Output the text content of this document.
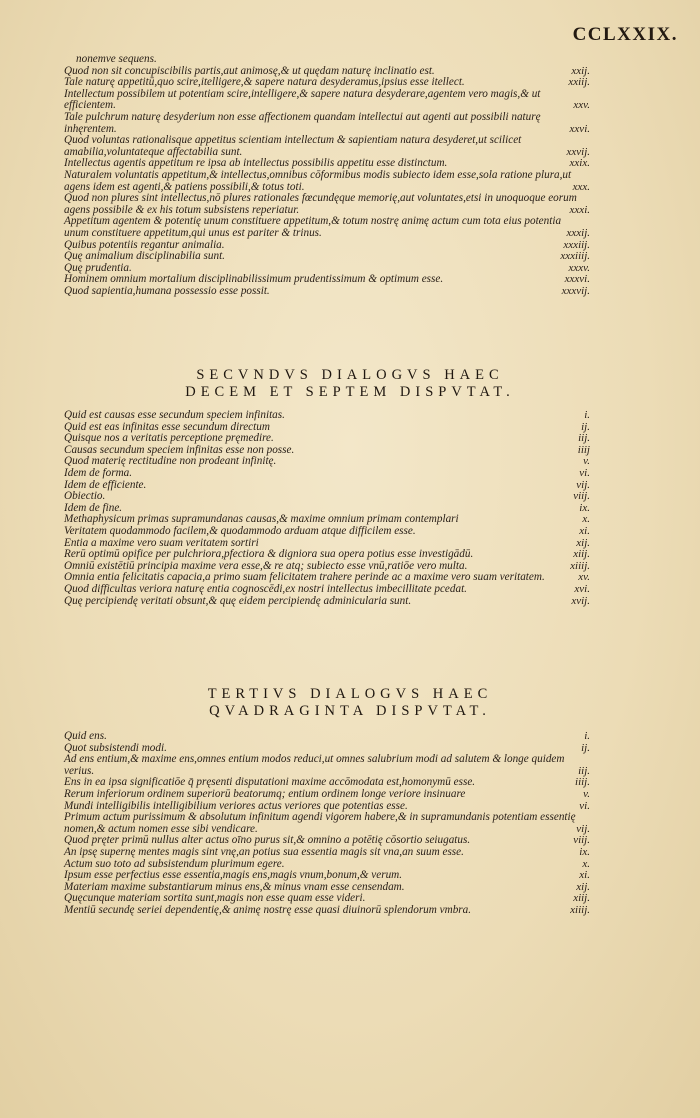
CCLXXIX.
nonemve sequens.
Quod non sit concupiscibilis partis,aut animosę,& ut quędam naturę inclinatio est.	xxij.
Tale naturę appetitū,quo scire,itelligere,& sapere natura desyderamus,ipsius esse itellect.	xxiij.
Intellectum possibilem ut potentiam scire,intelligere,& sapere natura desyderare,agentem vero magis,& ut efficientem.	xxv.
Tale pulchrum naturę desyderium non esse affectionem quandam intellectui aut agenti aut possibili naturę inhęrentem.	xxvi.
Quod voluntas rationalisque appetitus scientiam intellectum & sapientiam natura desyderet,ut scilicet amabilia,voluntateque affectabilia sunt.	xxvij.
Intellectus agentis appetitum re ipsa ab intellectus possibilis appetitu esse distinctum.	xxix.
Naturalem voluntatis appetitum,& intellectus,omnibus cōformibus modis subiecto idem esse,sola ratione plura,ut agens idem est agenti,& patiens possibili,& totus toti.	xxx.
Quod non plures sint intellectus,nō plures rationales fœcundęque memorię,aut voluntates,etsi in unoquoque eorum agens possibile & ex his totum subsistens reperiatur.	xxxi.
Appetitum agentem & potentię unum constituere appetitum,& totum nostrę animę actum cum tota eius potentia unum constituere appetitum,qui unus est pariter & trinus.	xxxij.
Quibus potentiis regantur animalia.	xxxiij.
Quę animalium disciplinabilia sunt.	xxxiiij.
Quę prudentia.	xxxv.
Hominem omnium mortalium disciplinabilissimum prudentissimum & optimum esse.	xxxvi.
Quod sapientia,humana possessio esse possit.	xxxvij.
SECVNDVS DIALOGVS HAEC
DECEM ET SEPTEM DISPVTAT.
Quid est causas esse secundum speciem infinitas.	i.
Quid est eas infinitas esse secundum directum	ij.
Quisque nos a veritatis perceptione pręmedire.	iij.
Causas secundum speciem infinitas esse non posse.	iiij
Quod materię rectitudine non prodeant infinitę.	v.
Idem de forma.	vi.
Idem de efficiente.	vij.
Obiectio.	viij.
Idem de fine.	ix.
Methaphysicum primas supramundanas causas,& maxime omnium primam contemplari	x.
Veritatem quodammodo facilem,& quodammodo arduam atque difficilem esse.	xi.
Entia a maxime vero suam veritatem sortiri	xij.
Rerū optimū opifice per pulchriora,pfectiora & digniora sua opera potius esse investigādū.	xiij.
Omniū existētiū principia maxime vera esse,& re atq; subiecto esse vnū,ratiōe vero multa.	xiiij.
Omnia entia felicitatis capacia,a primo suam felicitatem trahere perinde ac a maxime vero suam veritatem.	xv.
Quod difficultas veriora naturę entia cognoscēdi,ex nostri intellectus imbecillitate pcedat.	xvi.
Quę percipiendę veritati obsunt,& quę eidem percipiendę adminicularia sunt.	xvij.
TERTIVS DIALOGVS HAEC
QVADRAGINTA DISPVTAT.
Quid ens.	i.
Quot subsistendi modi.	ij.
Ad ens entium,& maxime ens,omnes entium modos reduci,ut omnes salubrium modi ad salutem & longe quidem verius.	iij.
Ens in ea ipsa significatiōe q̄ pręsenti disputationi maxime accōmodata est,homonymū esse.	iiij.
Rerum inferiorum ordinem superiorū beatorumq; entium ordinem longe veriore insinuare	v.
Mundi intelligibilis intelligibilium veriores actus veriores que potentias esse.	vi.
Primum actum purissimum & absolutum infinitum agendi vigorem habere,& in supramundanis potentiam essentię nomen,& actum nomen esse sibi vendicare.	vij.
Quod pręter primū nullus alter actus oīno purus sit,& omnino a potētię cōsortio seiugatus.	viij.
An ipsę supernę mentes magis sint vnę,an potius sua essentia magis sit vna,an suum esse.	ix.
Actum suo toto ad subsistendum plurimum egere.	x.
Ipsum esse perfectius esse essentia,magis ens,magis vnum,bonum,& verum.	xi.
Materiam maxime substantiarum minus ens,& minus vnam esse censendam.	xij.
Quęcunque materiam sortita sunt,magis non esse quam esse videri.	xiij.
Mentiū secundę seriei dependentię,& animę nostrę esse quasi diuinorū splendorum vmbra.	xiiij.
